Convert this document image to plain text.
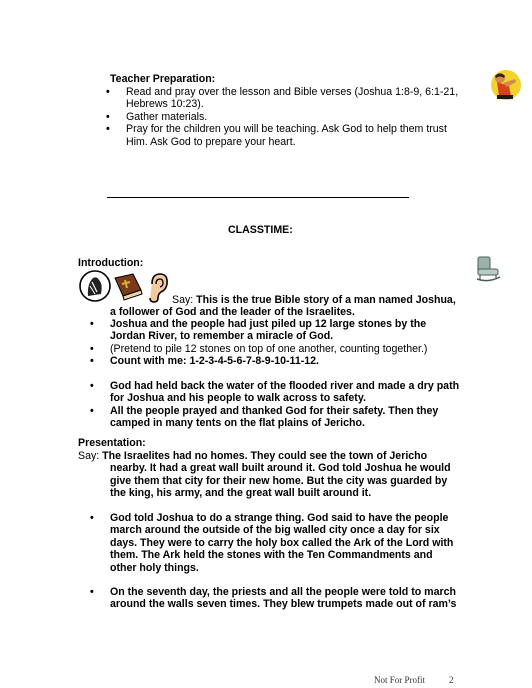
Teacher Preparation:
• Read and pray over the lesson and Bible verses (Joshua 1:8-9, 6:1-21, Hebrews 10:23).
• Gather materials.
• Pray for the children you will be teaching. Ask God to help them trust Him. Ask God to prepare your heart.
CLASSTIME:
Introduction:
Say: This is the true Bible story of a man named Joshua, a follower of God and the leader of the Israelites.
• Joshua and the people had just piled up 12 large stones by the Jordan River, to remember a miracle of God.
• (Pretend to pile 12 stones on top of one another, counting together.)
• Count with me: 1-2-3-4-5-6-7-8-9-10-11-12.
• God had held back the water of the flooded river and made a dry path for Joshua and his people to walk across to safety.
• All the people prayed and thanked God for their safety. Then they camped in many tents on the flat plains of Jericho.
Presentation:
Say: The Israelites had no homes. They could see the town of Jericho nearby. It had a great wall built around it. God told Joshua he would give them that city for their new home. But the city was guarded by the king, his army, and the great wall built around it.
• God told Joshua to do a strange thing. God said to have the people march around the outside of the big walled city once a day for six days. They were to carry the holy box called the Ark of the Lord with them. The Ark held the stones with the Ten Commandments and other holy things.
• On the seventh day, the priests and all the people were told to march around the walls seven times. They blew trumpets made out of ram’s
Not For Profit	2
